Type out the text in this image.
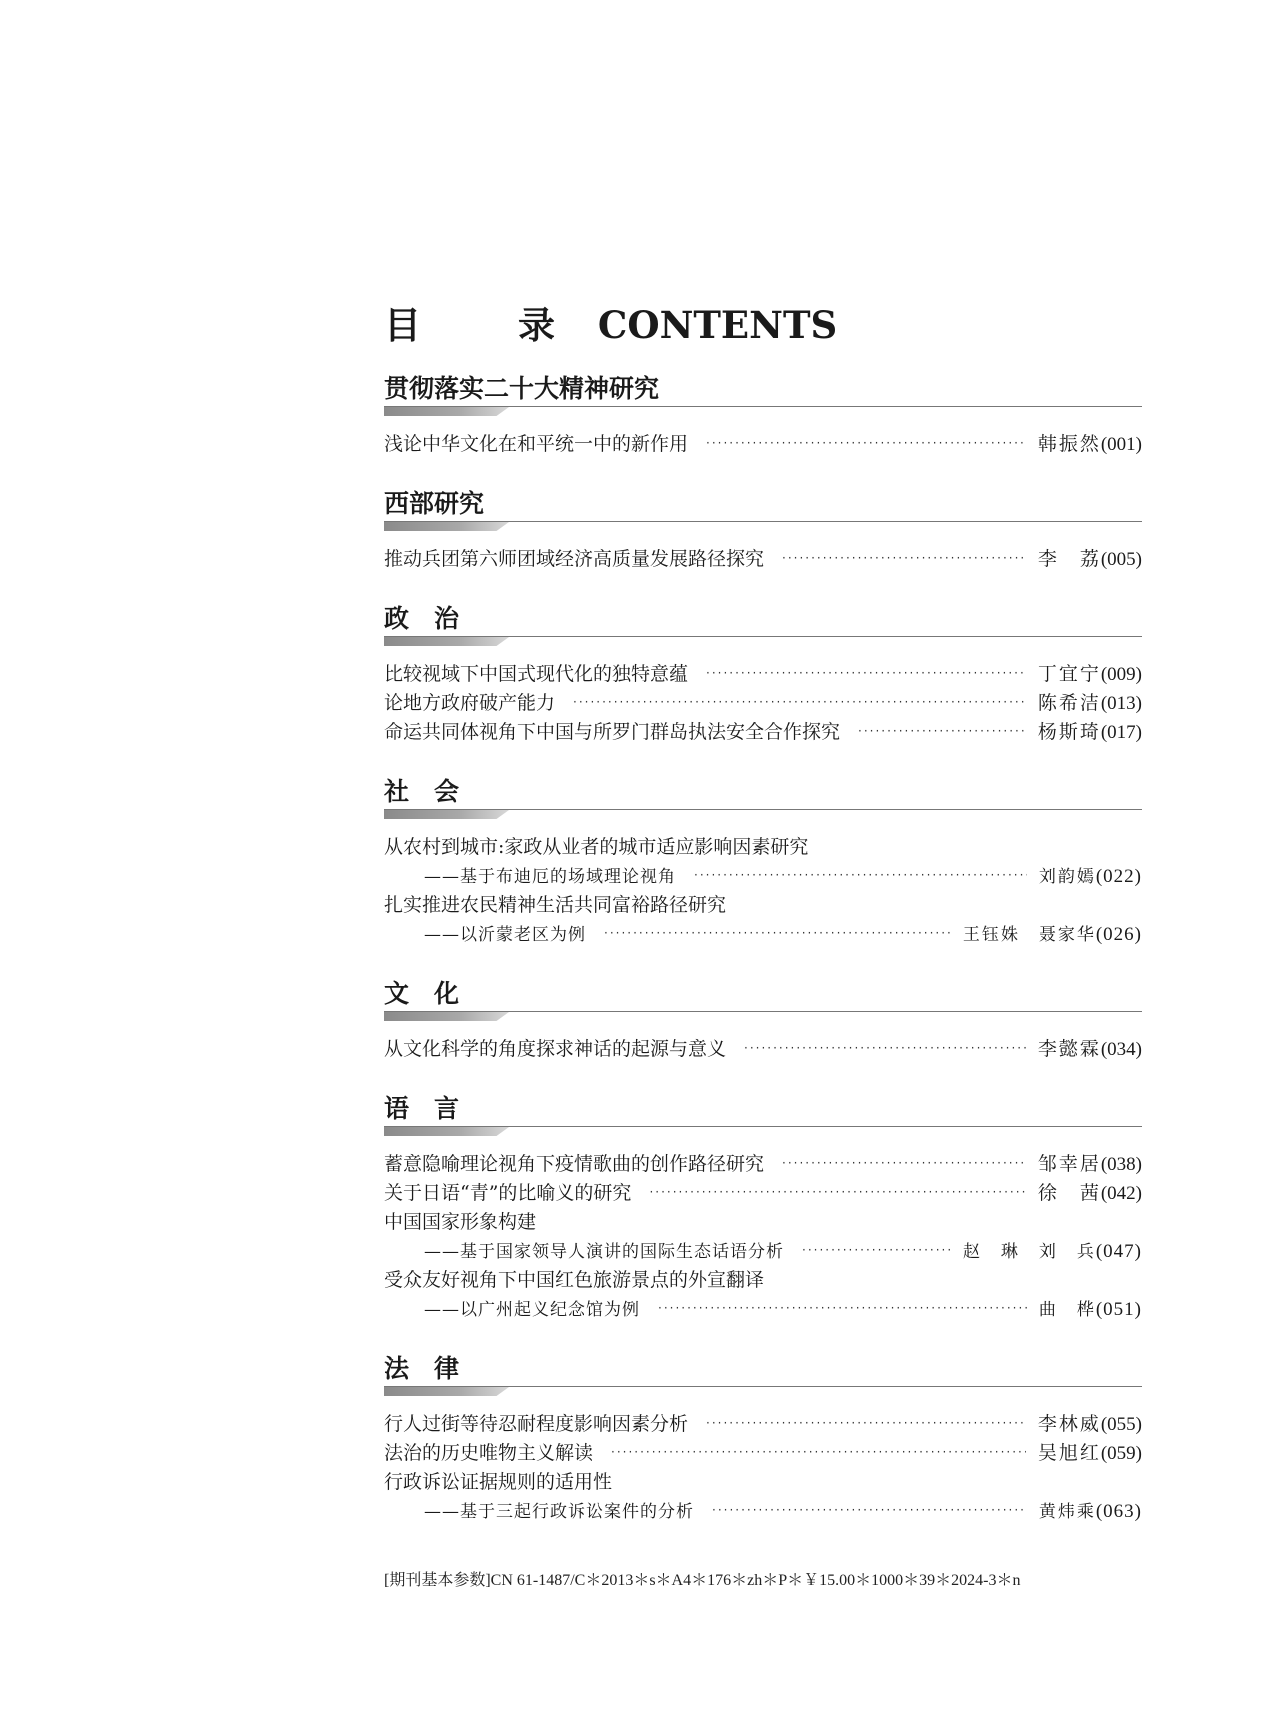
目　录 CONTENTS
贯彻落实二十大精神研究
浅论中华文化在和平统一中的新作用 ·····	韩振然 (001)
西部研究
推动兵团第六师团域经济高质量发展路径探究 ·····	李　荔 (005)
政　治
比较视域下中国式现代化的独特意蕴 ·····	丁宜宁 (009)
论地方政府破产能力 ·····	陈希洁 (013)
命运共同体视角下中国与所罗门群岛执法安全合作探究 ·····	杨斯琦 (017)
社　会
从农村到城市:家政从业者的城市适应影响因素研究
——基于布迪厄的场域理论视角 ·····	刘韵嫣 (022)
扎实推进农民精神生活共同富裕路径研究
——以沂蒙老区为例 ·····	王钰姝　聂家华 (026)
文　化
从文化科学的角度探求神话的起源与意义 ·····	李懿霖 (034)
语　言
蓄意隐喻理论视角下疫情歌曲的创作路径研究 ·····	邹幸居 (038)
关于日语“青”的比喻义的研究 ·····	徐　茜 (042)
中国国家形象构建
——基于国家领导人演讲的国际生态话语分析 ·····	赵　琳　刘　兵 (047)
受众友好视角下中国红色旅游景点的外宣翻译
——以广州起义纪念馆为例 ·····	曲　桦 (051)
法　律
行人过街等待忍耐程度影响因素分析 ·····	李林威 (055)
法治的历史唯物主义解读 ·····	吴旭红 (059)
行政诉讼证据规则的适用性
——基于三起行政诉讼案件的分析 ·····	黄炜乘 (063)
[期刊基本参数]CN 61-1487/C＊2013＊s＊A4＊176＊zh＊P＊￥15.00＊1000＊39＊2024-3＊n
